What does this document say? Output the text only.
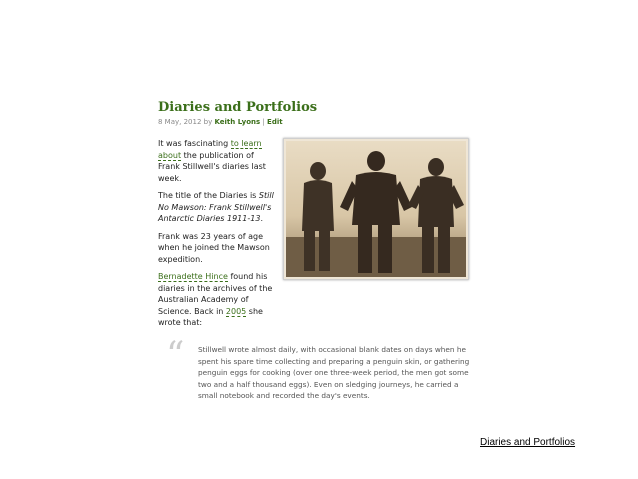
Diaries and Portfolios
8 May, 2012 by Keith Lyons | Edit

It was fascinating to learn about the publication of Frank Stillwell's diaries last week.

The title of the Diaries is Still No Mawson: Frank Stillwell's Antarctic Diaries 1911-13.

Frank was 23 years of age when he joined the Mawson expedition.

Bernadette Hince found his diaries in the archives of the Australian Academy of Science. Back in 2005 she wrote that:

“ Stillwell wrote almost daily, with occasional blank dates on days when he spent his spare time collecting and preparing a penguin skin, or gathering penguin eggs for cooking (over one three-week period, the men got some two and a half thousand eggs). Even on sledging journeys, he carried a small notebook and recorded the day's events.
Diaries and Portfolios
